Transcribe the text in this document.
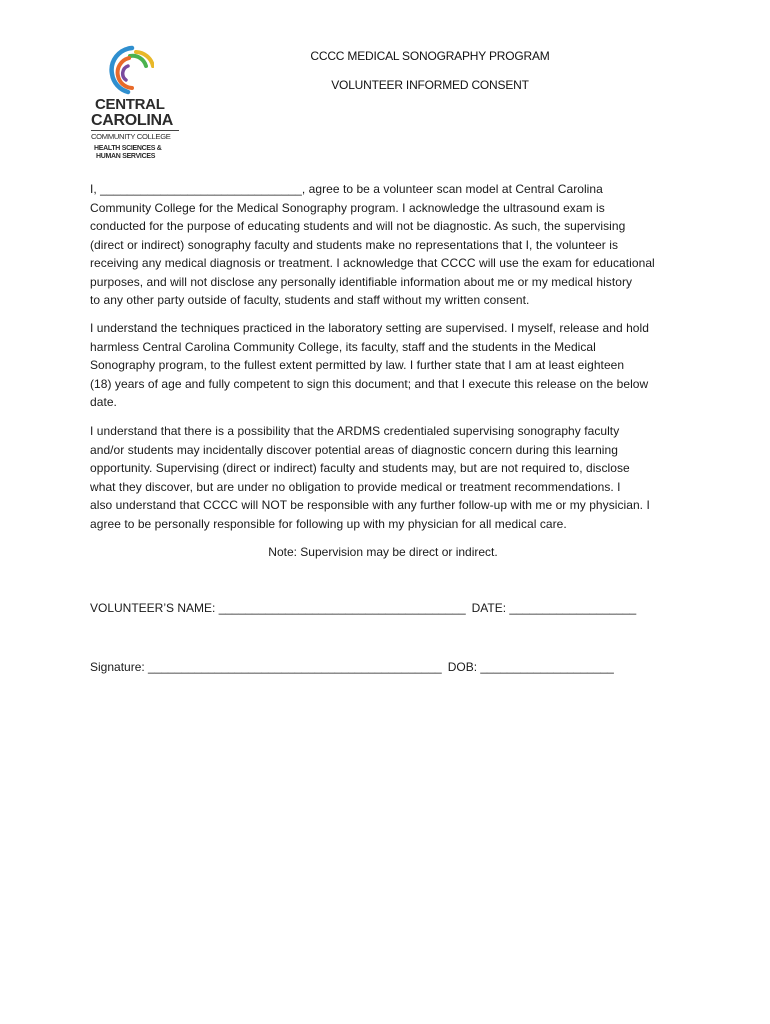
CENTRAL
CAROLINA
COMMUNITY COLLEGE
HEALTH SCIENCES &
HUMAN SERVICES
CCCC MEDICAL SONOGRAPHY PROGRAM
VOLUNTEER INFORMED CONSENT

I, ______________________________, agree to be a volunteer scan model at Central Carolina

Community College for the Medical Sonography program. I acknowledge the ultrasound exam is

conducted for the purpose of educating students and will not be diagnostic. As such, the supervising

(direct or indirect) sonography faculty and students make no representations that I, the volunteer is

receiving any medical diagnosis or treatment. I acknowledge that CCCC will use the exam for educational

purposes, and will not disclose any personally identifiable information about me or my medical history

to any other party outside of faculty, students and staff without my written consent.

I understand the techniques practiced in the laboratory setting are supervised. I myself, release and hold

harmless Central Carolina Community College, its faculty, staff and the students in the Medical

Sonography program, to the fullest extent permitted by law. I further state that I am at least eighteen

(18) years of age and fully competent to sign this document; and that I execute this release on the below

date.

I understand that there is a possibility that the ARDMS credentialed supervising sonography faculty

and/or students may incidentally discover potential areas of diagnostic concern during this learning

opportunity. Supervising (direct or indirect) faculty and students may, but are not required to, disclose

what they discover, but are under no obligation to provide medical or treatment recommendations. I

also understand that CCCC will NOT be responsible with any further follow-up with me or my physician. I

agree to be personally responsible for following up with my physician for all medical care.

Note: Supervision may be direct or indirect.
VOLUNTEER’S NAME: _____________________________________ DATE: ___________________
Signature: ____________________________________________ DOB: ____________________
